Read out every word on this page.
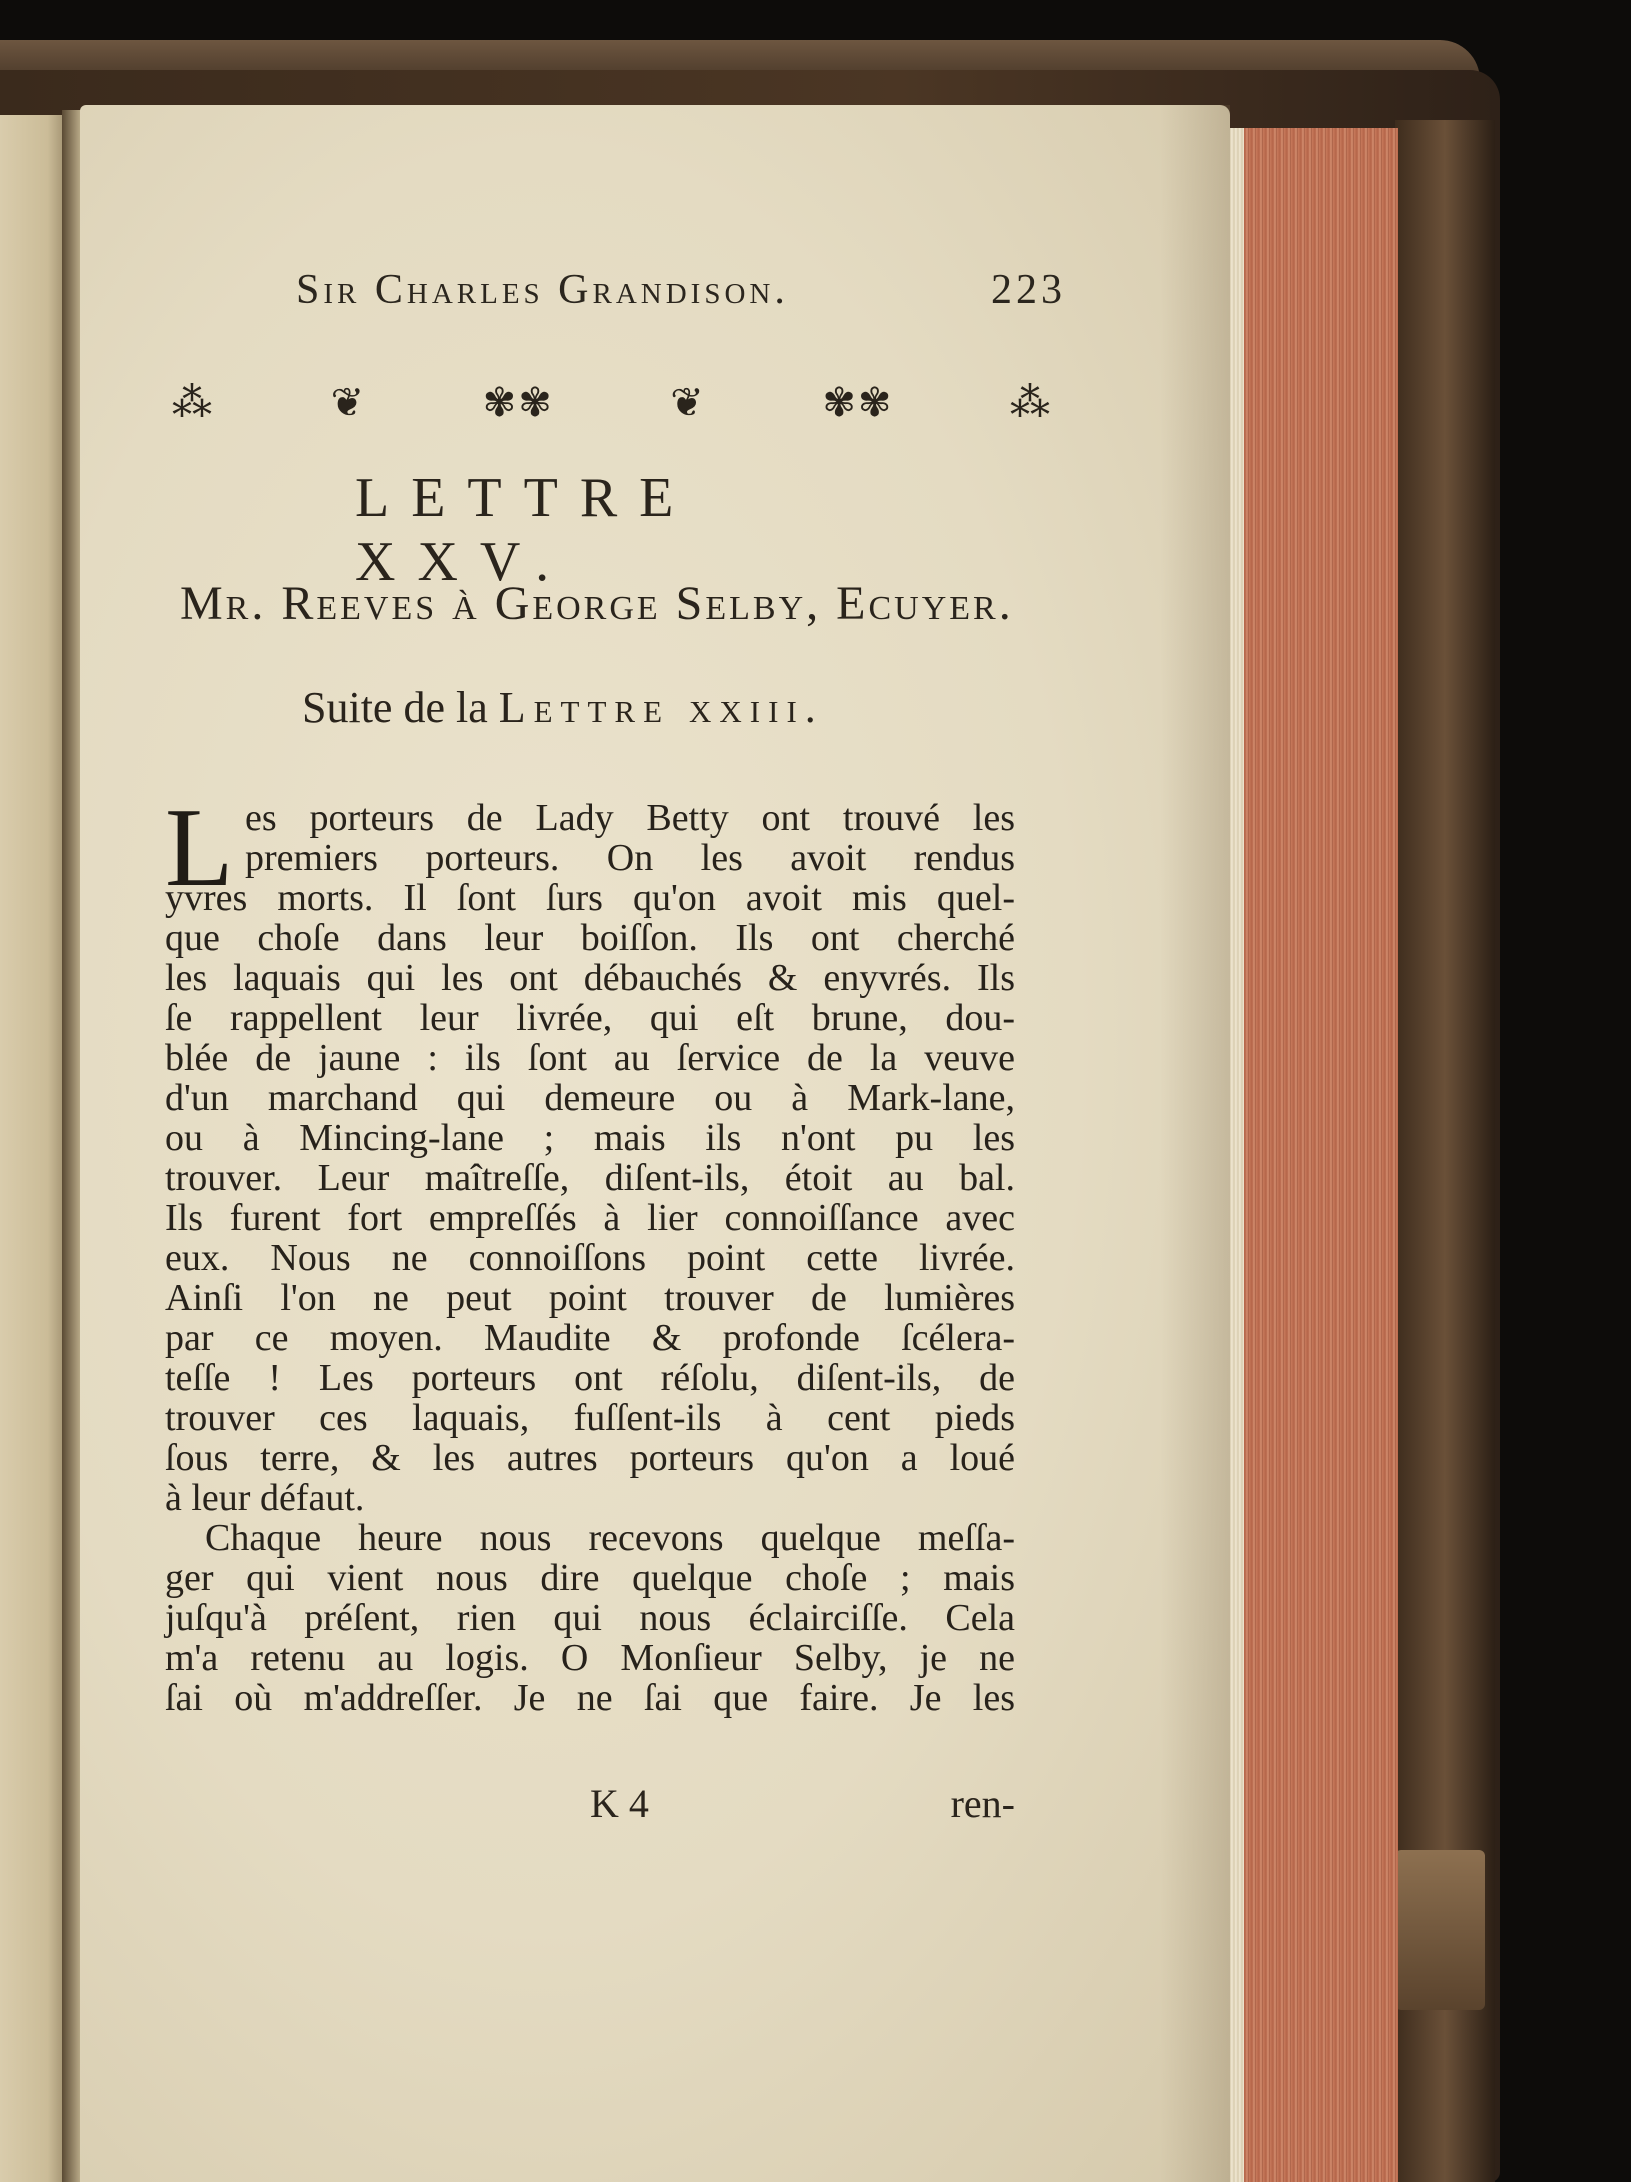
Sir Charles Grandison.	223
⁂	❦	✾✾	❦	✾✾	⁂
LETTRE XXV.
Mr. Reeves à George Selby, Ecuyer.
Suite de la Lettre xxiii.
L es porteurs de Lady Betty ont trouvé les
premiers porteurs. On les avoit rendus
yvres morts. Il ſont ſurs qu'on avoit mis quel-
que choſe dans leur boiſſon. Ils ont cherché
les laquais qui les ont débauchés & enyvrés. Ils
ſe rappellent leur livrée, qui eſt brune, dou-
blée de jaune : ils ſont au ſervice de la veuve
d'un marchand qui demeure ou à Mark-lane,
ou à Mincing-lane ; mais ils n'ont pu les
trouver. Leur maîtreſſe, diſent-ils, étoit au bal.
Ils furent fort empreſſés à lier connoiſſance avec
eux. Nous ne connoiſſons point cette livrée.
Ainſi l'on ne peut point trouver de lumières
par ce moyen. Maudite & profonde ſcélera-
teſſe ! Les porteurs ont réſolu, diſent-ils, de
trouver ces laquais, fuſſent-ils à cent pieds
ſous terre, & les autres porteurs qu'on a loué
à leur défaut.
Chaque heure nous recevons quelque meſſa-
ger qui vient nous dire quelque choſe ; mais
juſqu'à préſent, rien qui nous éclairciſſe. Cela
m'a retenu au logis. O Monſieur Selby, je ne
ſai où m'addreſſer. Je ne ſai que faire. Je les
K 4	ren-
